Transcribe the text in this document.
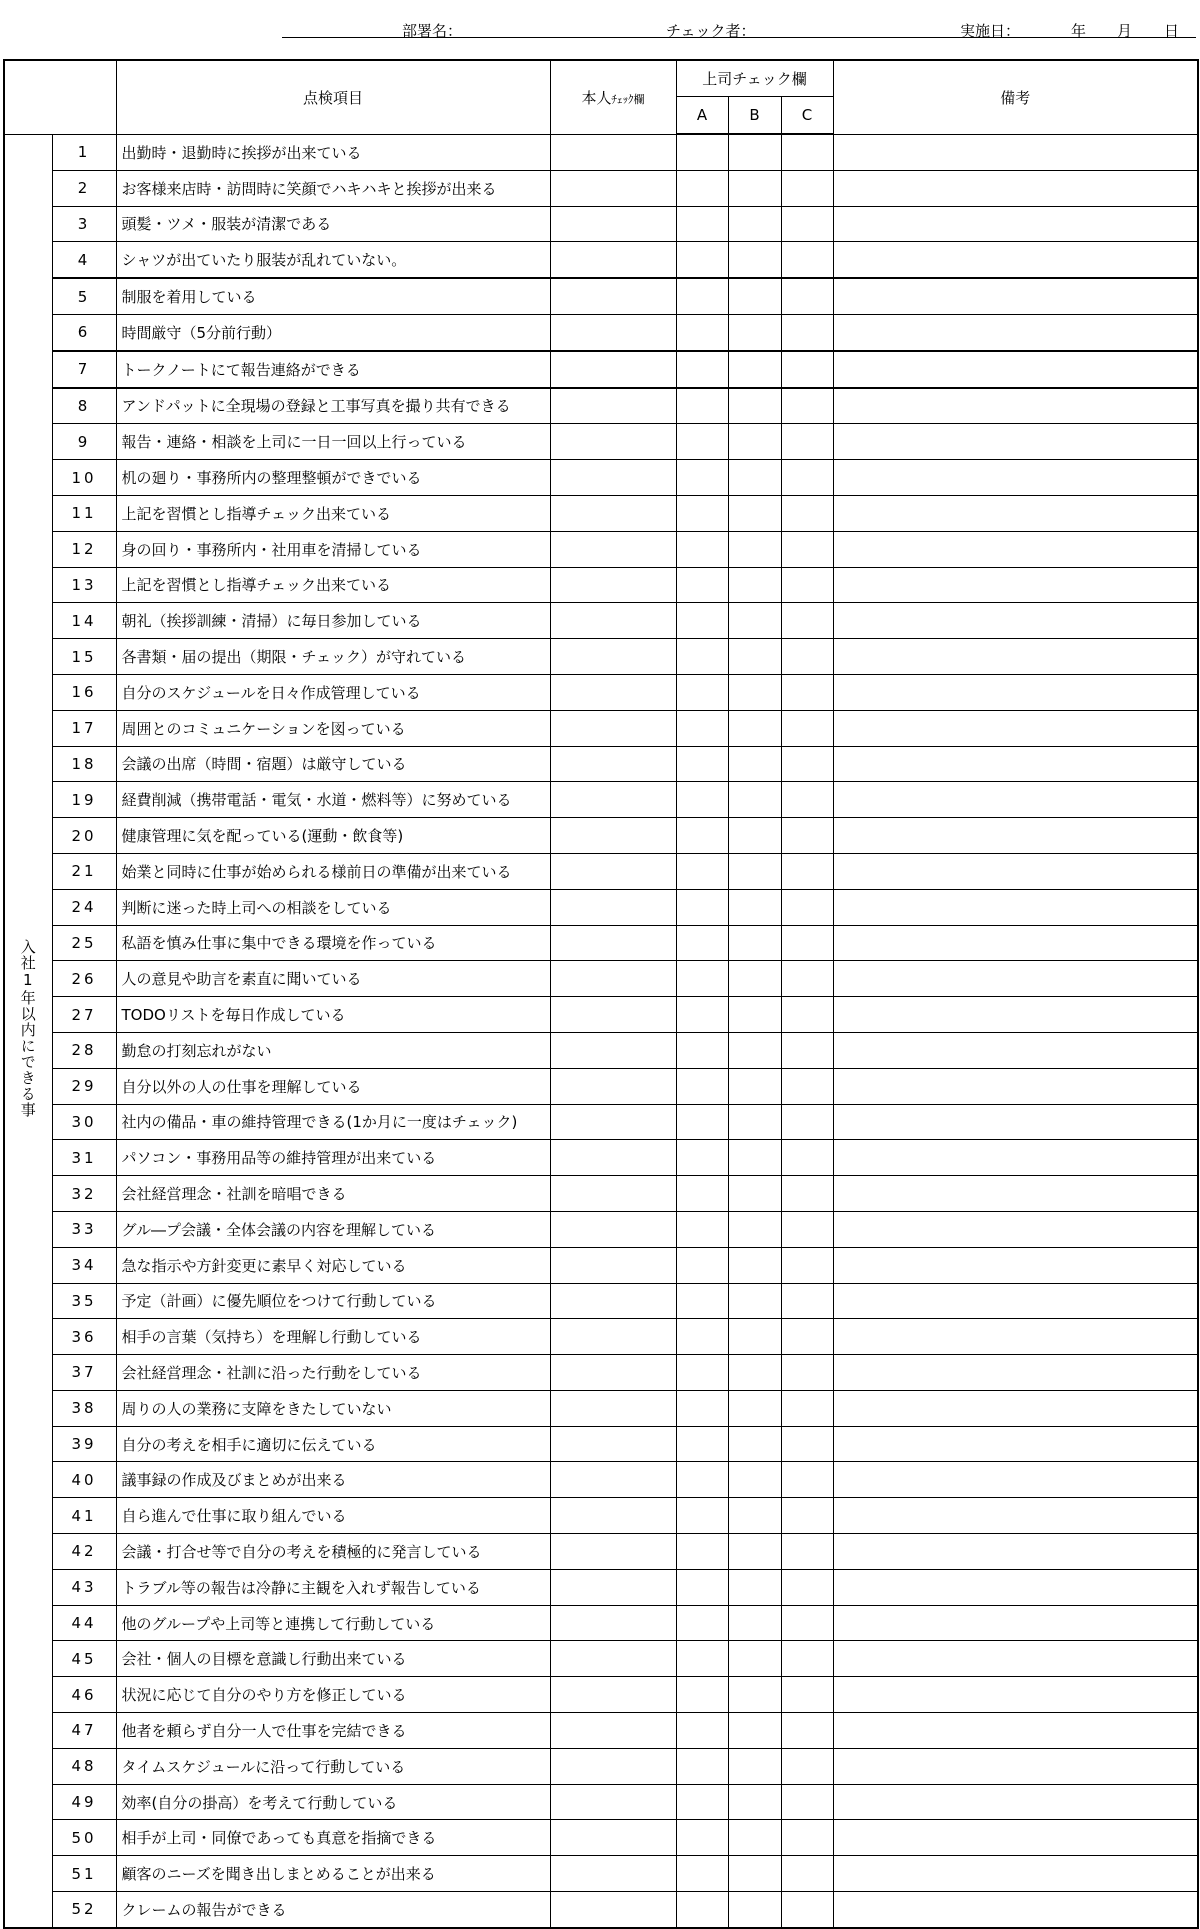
部署名：	チェック者：	実施日：	年 月 日
		点検項目	本人ﾁｪｯｸ欄	上司チェック欄			備考
				A	B	C	
入社1年以内にできる事	1	出勤時・退勤時に挨拶が出来ている					
	2	お客様来店時・訪問時に笑顔でハキハキと挨拶が出来る					
	3	頭髪・ツメ・服装が清潔である					
	4	シャツが出ていたり服装が乱れていない。					
	5	制服を着用している					
	6	時間厳守（5分前行動）					
	7	トークノートにて報告連絡ができる					
	8	アンドパットに全現場の登録と工事写真を撮り共有できる					
	9	報告・連絡・相談を上司に一日一回以上行っている					
	10	机の廻り・事務所内の整理整頓ができでいる					
	11	上記を習慣とし指導チェック出来ている					
	12	身の回り・事務所内・社用車を清掃している					
	13	上記を習慣とし指導チェック出来ている					
	14	朝礼（挨拶訓練・清掃）に毎日参加している					
	15	各書類・届の提出（期限・チェック）が守れている					
	16	自分のスケジュールを日々作成管理している					
	17	周囲とのコミュニケーションを図っている					
	18	会議の出席（時間・宿題）は厳守している					
	19	経費削減（携帯電話・電気・水道・燃料等）に努めている					
	20	健康管理に気を配っている(運動・飲食等)					
	21	始業と同時に仕事が始められる様前日の準備が出来ている					
	24	判断に迷った時上司への相談をしている					
	25	私語を慎み仕事に集中できる環境を作っている					
	26	人の意見や助言を素直に聞いている					
	27	TODOリストを毎日作成している					
	28	勤怠の打刻忘れがない					
	29	自分以外の人の仕事を理解している					
	30	社内の備品・車の維持管理できる(1か月に一度はチェック)					
	31	パソコン・事務用品等の維持管理が出来ている					
	32	会社経営理念・社訓を暗唱できる					
	33	グル―プ会議・全体会議の内容を理解している					
	34	急な指示や方針変更に素早く対応している					
	35	予定（計画）に優先順位をつけて行動している					
	36	相手の言葉（気持ち）を理解し行動している					
	37	会社経営理念・社訓に沿った行動をしている					
	38	周りの人の業務に支障をきたしていない					
	39	自分の考えを相手に適切に伝えている					
	40	議事録の作成及びまとめが出来る					
	41	自ら進んで仕事に取り組んでいる					
	42	会議・打合せ等で自分の考えを積極的に発言している					
	43	トラブル等の報告は冷静に主観を入れず報告している					
	44	他のグループや上司等と連携して行動している					
	45	会社・個人の目標を意識し行動出来ている					
	46	状況に応じて自分のやり方を修正している					
	47	他者を頼らず自分一人で仕事を完結できる					
	48	タイムスケジュールに沿って行動している					
	49	効率(自分の掛高）を考えて行動している					
	50	相手が上司・同僚であっても真意を指摘できる					
	51	顧客のニーズを聞き出しまとめることが出来る					
	52	クレームの報告ができる					
